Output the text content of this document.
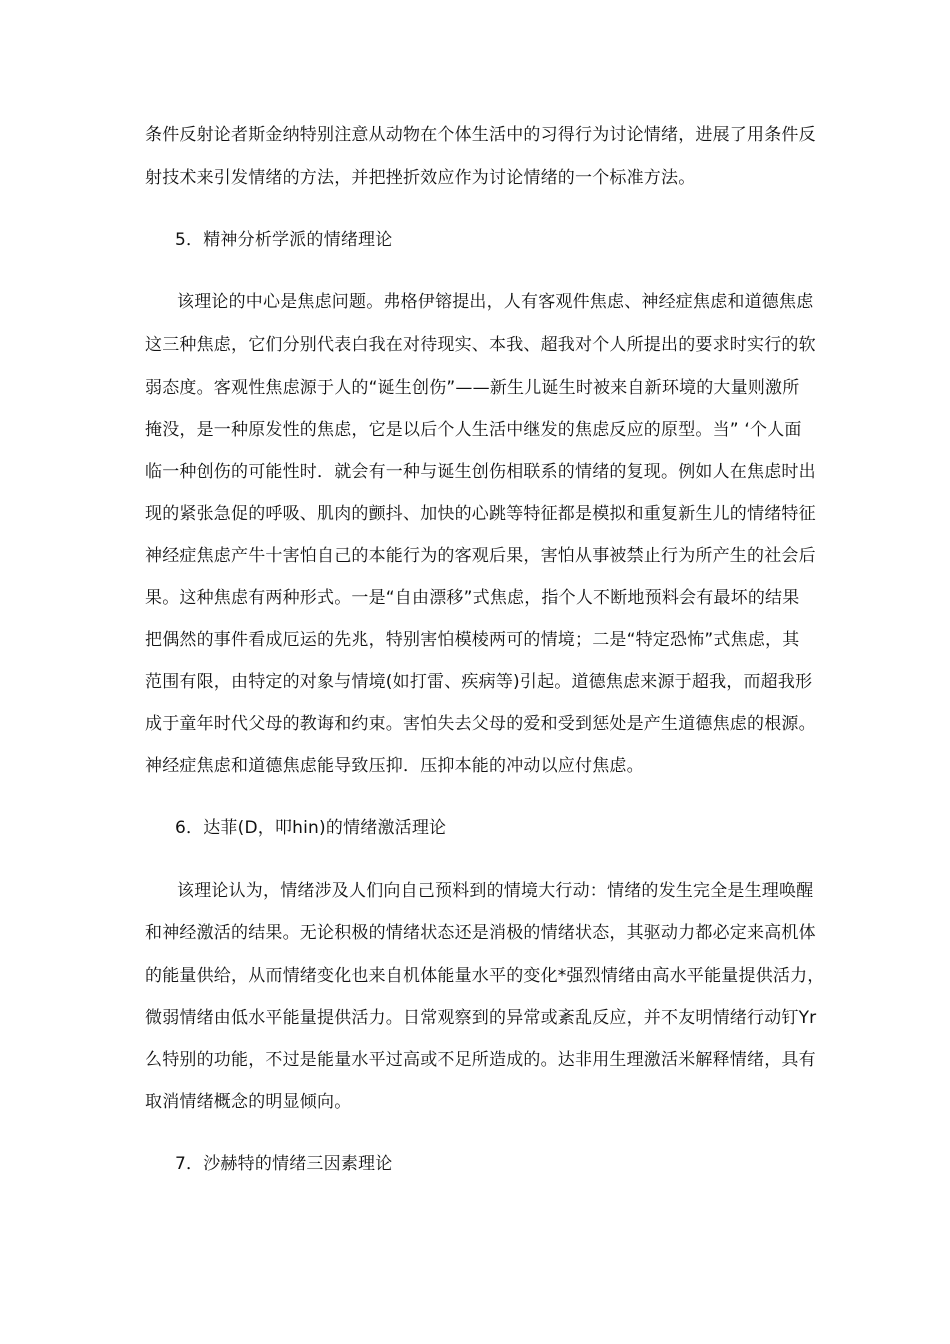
条件反射论者斯金纳特别注意从动物在个体生活中的习得行为讨论情绪，进展了用条件反
射技术来引发情绪的方法，并把挫折效应作为讨论情绪的一个标准方法。
5．精神分析学派的情绪理论
该理论的中心是焦虑问题。弗格伊镕提出，人有客观件焦虑、神经症焦虑和道德焦虑
这三种焦虑，它们分别代表白我在对待现实、本我、超我对个人所提出的要求时实行的软
弱态度。客观性焦虑源于人的“诞生创伤”——新生儿诞生时被来自新环境的大量则激所
掩没，是一种原发性的焦虑，它是以后个人生活中继发的焦虑反应的原型。当” ‘个人面
临一种创伤的可能性时．就会有一种与诞生创伤相联系的情绪的复现。例如人在焦虑时出
现的紧张急促的呼吸、肌肉的颤抖、加快的心跳等特征都是模拟和重复新生儿的情绪特征
神经症焦虑产牛十害怕自己的本能行为的客观后果，害怕从事被禁止行为所产生的社会后
果。这种焦虑有两种形式。一是“自由漂移”式焦虑，指个人不断地预料会有最坏的结果
把偶然的事件看成厄运的先兆，特别害怕模棱两可的情境；二是“特定恐怖”式焦虑，其
范围有限，由特定的对象与情境(如打雷、疾病等)引起。道德焦虑来源于超我，而超我形
成于童年时代父母的教诲和约束。害怕失去父母的爱和受到惩处是产生道德焦虑的根源。
神经症焦虑和道德焦虑能导致压抑．压抑本能的冲动以应付焦虑。
6．达菲(D，叩hin)的情绪激活理论
该理论认为，情绪涉及人们向自己预料到的情境大行动：情绪的发生完全是生理唤醒
和神经激活的结果。无论积极的情绪状态还是消极的情绪状态，其驱动力都必定来高机体
的能量供给，从而情绪变化也来自机体能量水平的变化*强烈情绪由高水平能量提供活力，
微弱情绪由低水平能量提供活力。日常观察到的异常或紊乱反应，并不友明情绪行动钉Yr
么特别的功能，不过是能量水平过高或不足所造成的。达非用生理激活米解释情绪，具有
取消情绪概念的明显倾向。
7．沙赫特的情绪三因素理论
